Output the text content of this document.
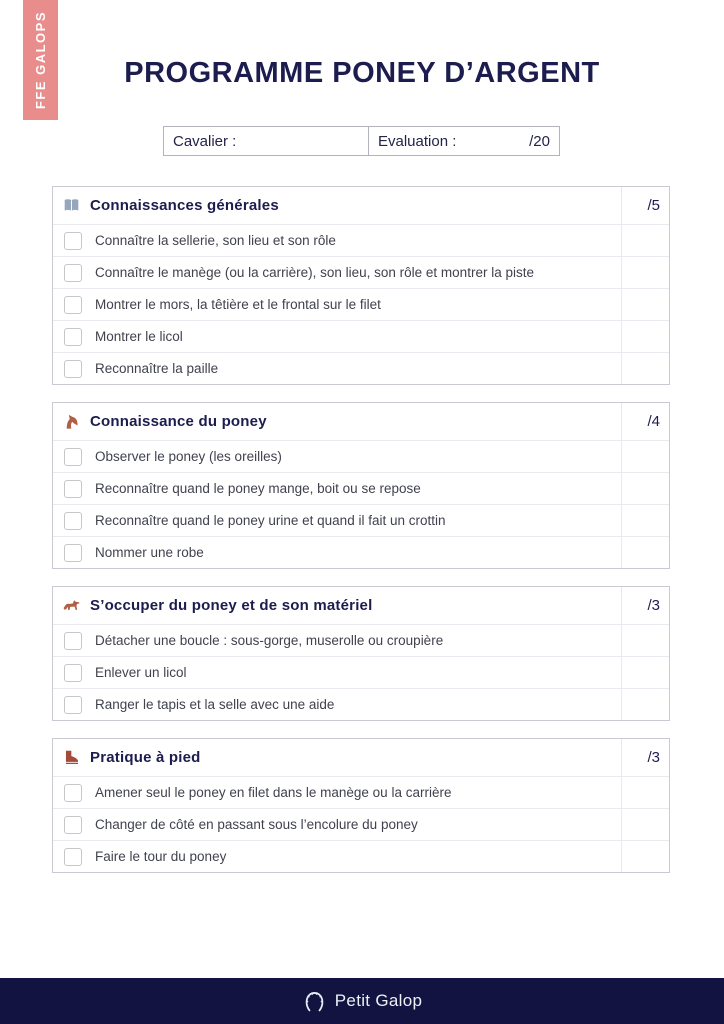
FFE GALOPS	PROGRAMME PONEY D’ARGENT
Cavalier :	Evaluation :	/20
Connaissances générales	/5
Connaître la sellerie, son lieu et son rôle
Connaître le manège (ou la carrière), son lieu, son rôle et montrer la piste
Montrer le mors, la têtière et le frontal sur le filet
Montrer le licol
Reconnaître la paille
Connaissance du poney	/4
Observer le poney (les oreilles)
Reconnaître quand le poney mange, boit ou se repose
Reconnaître quand le poney urine et quand il fait un crottin
Nommer une robe
S’occuper du poney et de son matériel	/3
Détacher une boucle : sous-gorge, muserolle ou croupière
Enlever un licol
Ranger le tapis et la selle avec une aide
Pratique à pied	/3
Amener seul le poney en filet dans le manège ou la carrière
Changer de côté en passant sous l’encolure du poney
Faire le tour du poney
Petit Galop
